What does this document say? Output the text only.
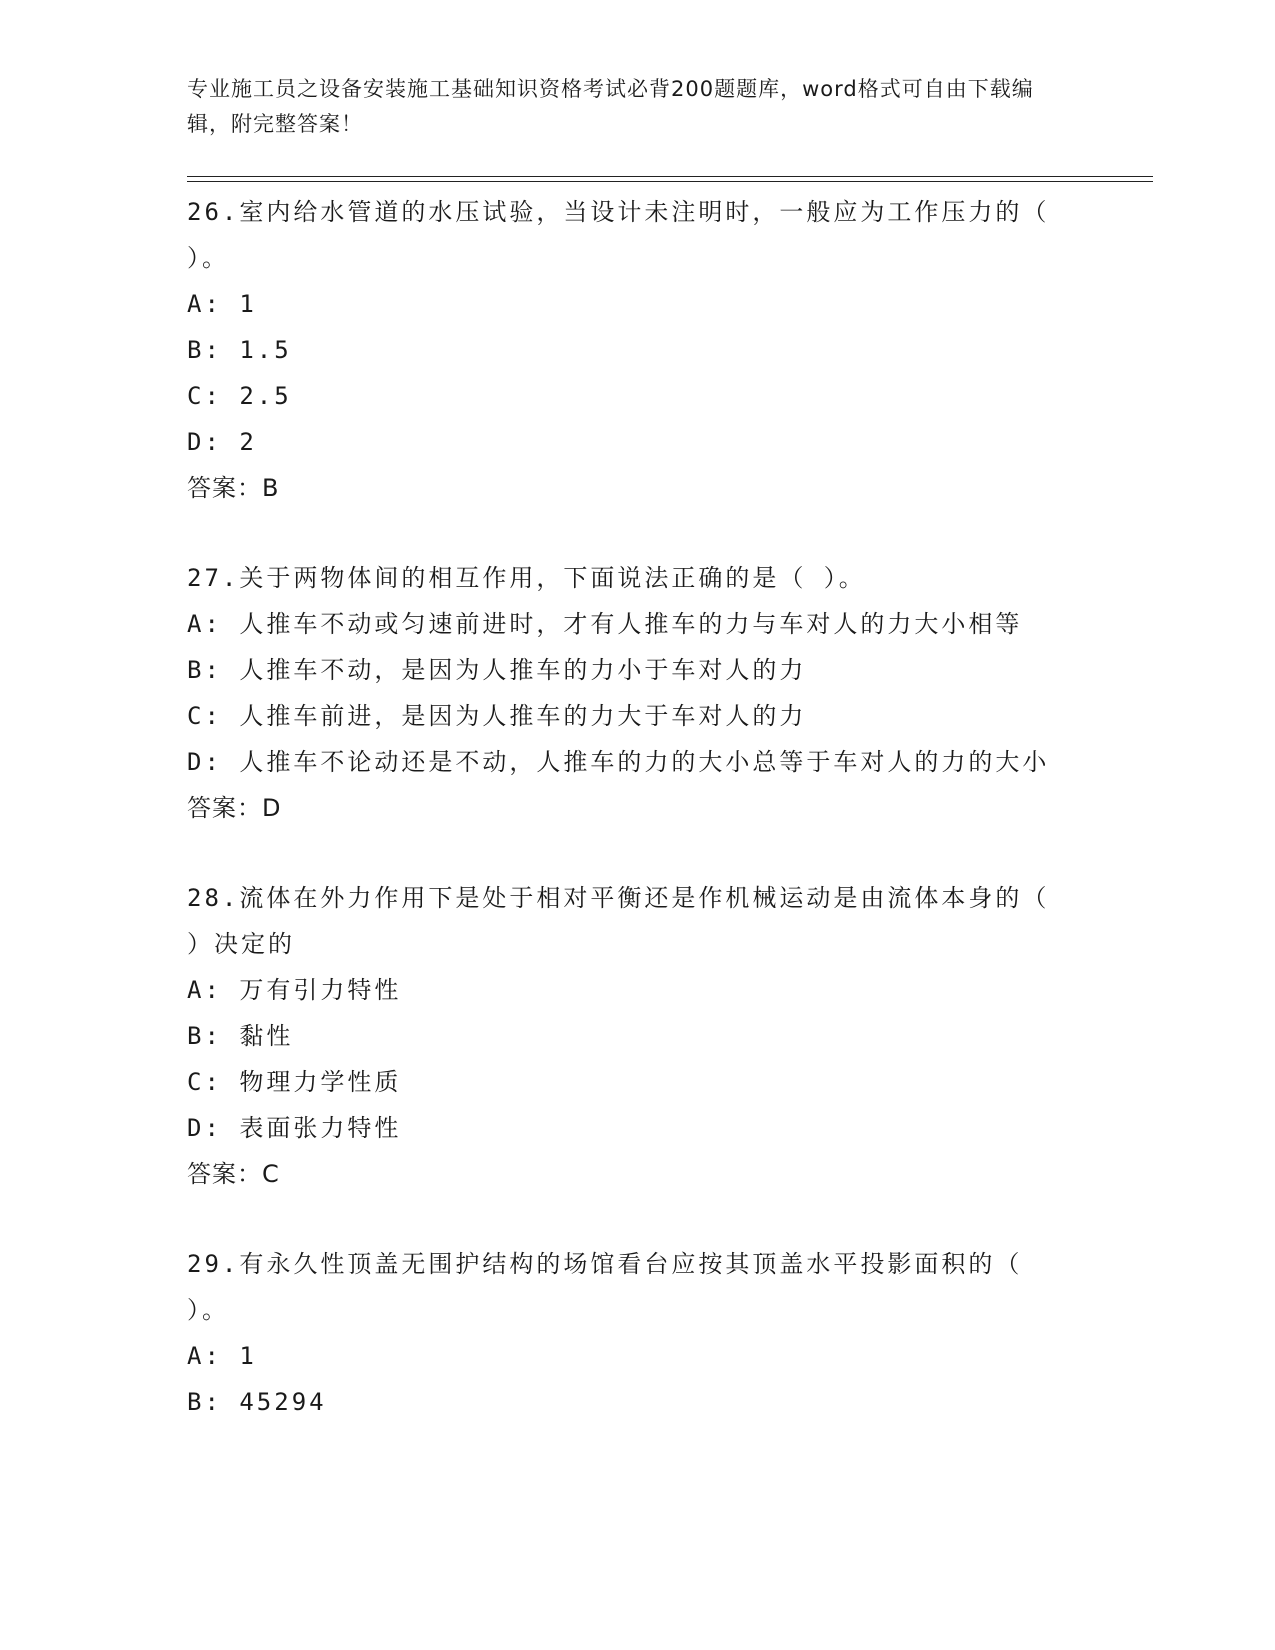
专业施工员之设备安装施工基础知识资格考试必背200题题库，word格式可自由下载编辑，附完整答案！

26.室内给水管道的水压试验，当设计未注明时，一般应为工作压力的（ ）。

A: 1

B: 1.5

C: 2.5

D: 2

答案：B

27.关于两物体间的相互作用，下面说法正确的是（ ）。

A: 人推车不动或匀速前进时，才有人推车的力与车对人的力大小相等

B: 人推车不动，是因为人推车的力小于车对人的力

C: 人推车前进，是因为人推车的力大于车对人的力

D: 人推车不论动还是不动，人推车的力的大小总等于车对人的力的大小

答案：D

28.流体在外力作用下是处于相对平衡还是作机械运动是由流体本身的（ ）决定的

A: 万有引力特性

B: 黏性

C: 物理力学性质

D: 表面张力特性

答案：C

29.有永久性顶盖无围护结构的场馆看台应按其顶盖水平投影面积的（ ）。

A: 1

B: 45294
